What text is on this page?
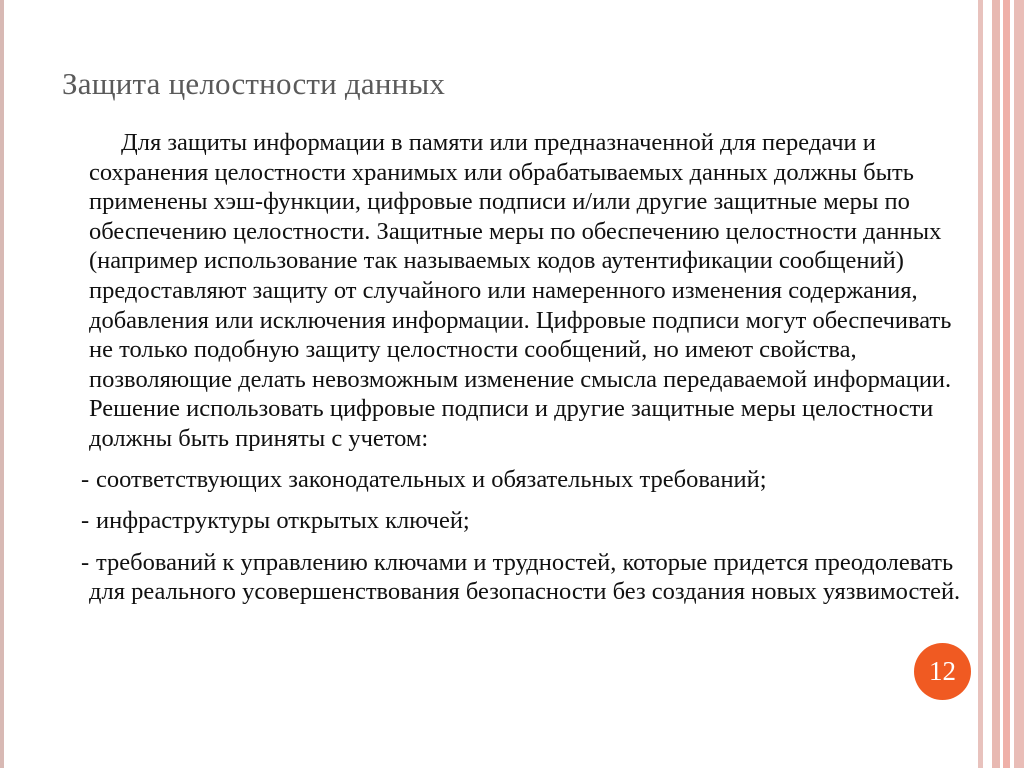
Защита целостности данных

Для защиты информации в памяти или предназначенной для передачи и сохранения целостности хранимых или обрабатываемых данных должны быть применены хэш-функции, цифровые подписи и/или другие защитные меры по обеспечению целостности. Защитные меры по обеспечению целостности данных (например использование так называемых кодов аутентификации сообщений) предоставляют защиту от случайного или намеренного изменения содержания, добавления или исключения информации. Цифровые подписи могут обеспечивать не только подобную защиту целостности сообщений, но имеют свойства, позволяющие делать невозможным изменение смысла передаваемой информации. Решение использовать цифровые подписи и другие защитные меры целостности должны быть приняты с учетом:

- соответствующих законодательных и обязательных требований;

- инфраструктуры открытых ключей;

- требований к управлению ключами и трудностей, которые придется преодолевать для реального усовершенствования безопасности без создания новых уязвимостей.

12
